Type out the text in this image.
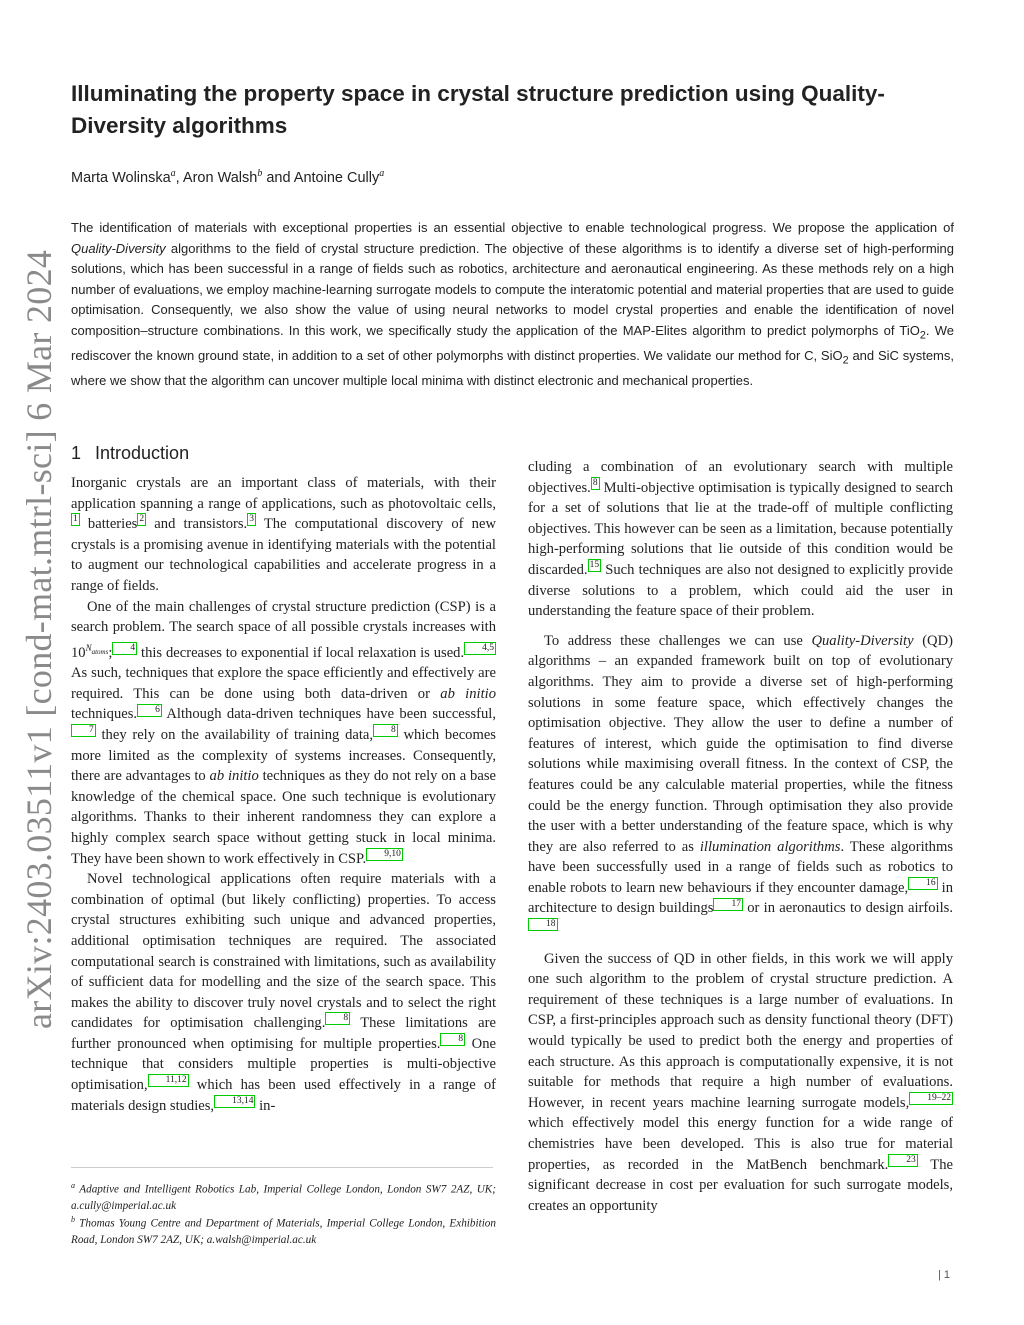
Illuminating the property space in crystal structure prediction using Quality-Diversity algorithms
Marta Wolinska$^a$, Aron Walsh$^b$ and Antoine Cully$^a$

The identification of materials with exceptional properties is an essential objective to enable technological progress. We propose the application of Quality-Diversity algorithms to the field of crystal structure prediction. The objective of these algorithms is to identify a diverse set of high-performing solutions, which has been successful in a range of fields such as robotics, architecture and aeronautical engineering. As these methods rely on a high number of evaluations, we employ machine-learning surrogate models to compute the interatomic potential and material properties that are used to guide optimisation. Consequently, we also show the value of using neural networks to model crystal properties and enable the identification of novel composition–structure combinations. In this work, we specifically study the application of the MAP-Elites algorithm to predict polymorphs of TiO$_2$. We rediscover the known ground state, in addition to a set of other polymorphs with distinct properties. We validate our method for C, SiO$_2$ and SiC systems, where we show that the algorithm can uncover multiple local minima with distinct electronic and mechanical properties.

arXiv:2403.03511v1 [cond-mat.mtrl-sci] 6 Mar 2024 1 Introduction

Inorganic crystals are an important class of materials, with their application spanning a range of applications, such as photovoltaic cells,1 batteries 2 and transistors. 3 The computational discovery of new crystals is a promising avenue in identifying materials with the potential to augment our technological capabilities and accelerate progress in a range of fields.

One of the main challenges of crystal structure prediction (CSP) is a search problem. The search space of all possible crystals increases with $10^{N_{atoms}}$; 4 this decreases to exponential if local relaxation is used. 4,5 As such, techniques that explore the space efficiently and effectively are required. This can be done using both data-driven or ab initio techniques. 6 Although data-driven techniques have been successful,7 they rely on the availability of training data, 8 which becomes more limited as the complexity of systems increases. Consequently, there are advantages to ab initio techniques as they do not rely on a base knowledge of the chemical space. One such technique is evolutionary algorithms. Thanks to their inherent randomness they can explore a highly complex search space without getting stuck in local minima. They have been shown to work effectively in CSP. 9,10

Novel technological applications often require materials with a combination of optimal (but likely conflicting) properties. To access crystal structures exhibiting such unique and advanced properties, additional optimisation techniques are required. The associated computational search is constrained with limitations, such as availability of sufficient data for modelling and the size of the search space. This makes the ability to discover truly novel crystals and to select the right candidates for optimisation challenging. 8 These limitations are further pronounced when optimising for multiple properties. 8 One technique that considers multiple properties is multi-objective optimisation, 11,12 which has been used effectively in a range of materials design studies, 13,14 in-

cluding a combination of an evolutionary search with multiple objectives. 8 Multi-objective optimisation is typically designed to search for a set of solutions that lie at the trade-off of multiple conflicting objectives. This however can be seen as a limitation, because potentially high-performing solutions that lie outside of this condition would be discarded. 15 Such techniques are also not designed to explicitly provide diverse solutions to a problem, which could aid the user in understanding the feature space of their problem.

To address these challenges we can use Quality-Diversity (QD) algorithms – an expanded framework built on top of evolutionary algorithms. They aim to provide a diverse set of high-performing solutions in some feature space, which effectively changes the optimisation objective. They allow the user to define a number of features of interest, which guide the optimisation to find diverse solutions while maximising overall fitness. In the context of CSP, the features could be any calculable material properties, while the fitness could be the energy function. Through optimisation they also provide the user with a better understanding of the feature space, which is why they are also referred to as illumination algorithms. These algorithms have been successfully used in a range of fields such as robotics to enable robots to learn new behaviours if they encounter damage, 16 in architecture to design buildings 17 or in aeronautics to design airfoils.18

Given the success of QD in other fields, in this work we will apply one such algorithm to the problem of crystal structure prediction. A requirement of these techniques is a large number of evaluations. In CSP, a first-principles approach such as density functional theory (DFT) would typically be used to predict both the energy and properties of each structure. As this approach is computationally expensive, it is not suitable for methods that require a high number of evaluations. However, in recent years machine learning surrogate models, 19–22 which effectively model this energy function for a wide range of chemistries have been developed. This is also true for material properties, as recorded in the MatBench benchmark. 23 The significant decrease in cost per evaluation for such surrogate models, creates an opportunity

$^a$ Adaptive and Intelligent Robotics Lab, Imperial College London, London SW7 2AZ, UK; a.cully@imperial.ac.uk

$^b$ Thomas Young Centre and Department of Materials, Imperial College London, Exhibition Road, London SW7 2AZ, UK; a.walsh@imperial.ac.uk

| 1
